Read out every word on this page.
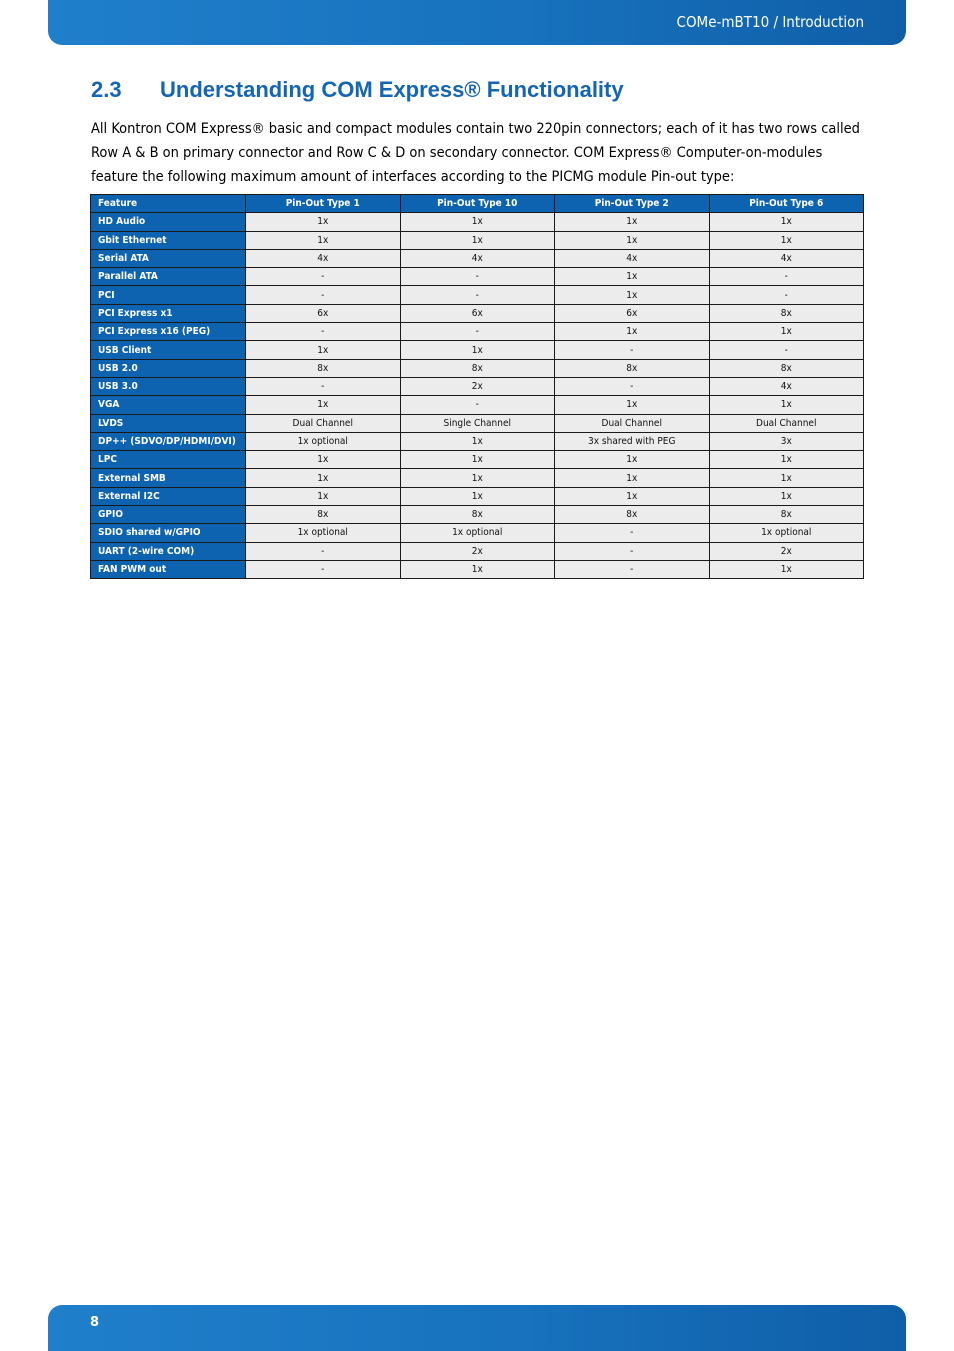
COMe-mBT10 / Introduction
2.3 Understanding COM Express® Functionality

All Kontron COM Express® basic and compact modules contain two 220pin connectors; each of it has two rows called Row A & B on primary connector and Row C & D on secondary connector. COM Express® Computer-on-modules feature the following maximum amount of interfaces according to the PICMG module Pin-out type:

Feature	Pin-Out Type 1	Pin-Out Type 10	Pin-Out Type 2	Pin-Out Type 6
HD Audio	1x	1x	1x	1x
Gbit Ethernet	1x	1x	1x	1x
Serial ATA	4x	4x	4x	4x
Parallel ATA	-	-	1x	-
PCI	-	-	1x	-
PCI Express x1	6x	6x	6x	8x
PCI Express x16 (PEG)	-	-	1x	1x
USB Client	1x	1x	-	-
USB 2.0	8x	8x	8x	8x
USB 3.0	-	2x	-	4x
VGA	1x	-	1x	1x
LVDS	Dual Channel	Single Channel	Dual Channel	Dual Channel
DP++ (SDVO/DP/HDMI/DVI)	1x optional	1x	3x shared with PEG	3x
LPC	1x	1x	1x	1x
External SMB	1x	1x	1x	1x
External I2C	1x	1x	1x	1x
GPIO	8x	8x	8x	8x
SDIO shared w/GPIO	1x optional	1x optional	-	1x optional
UART (2-wire COM)	-	2x	-	2x
FAN PWM out	-	1x	-	1x
8
